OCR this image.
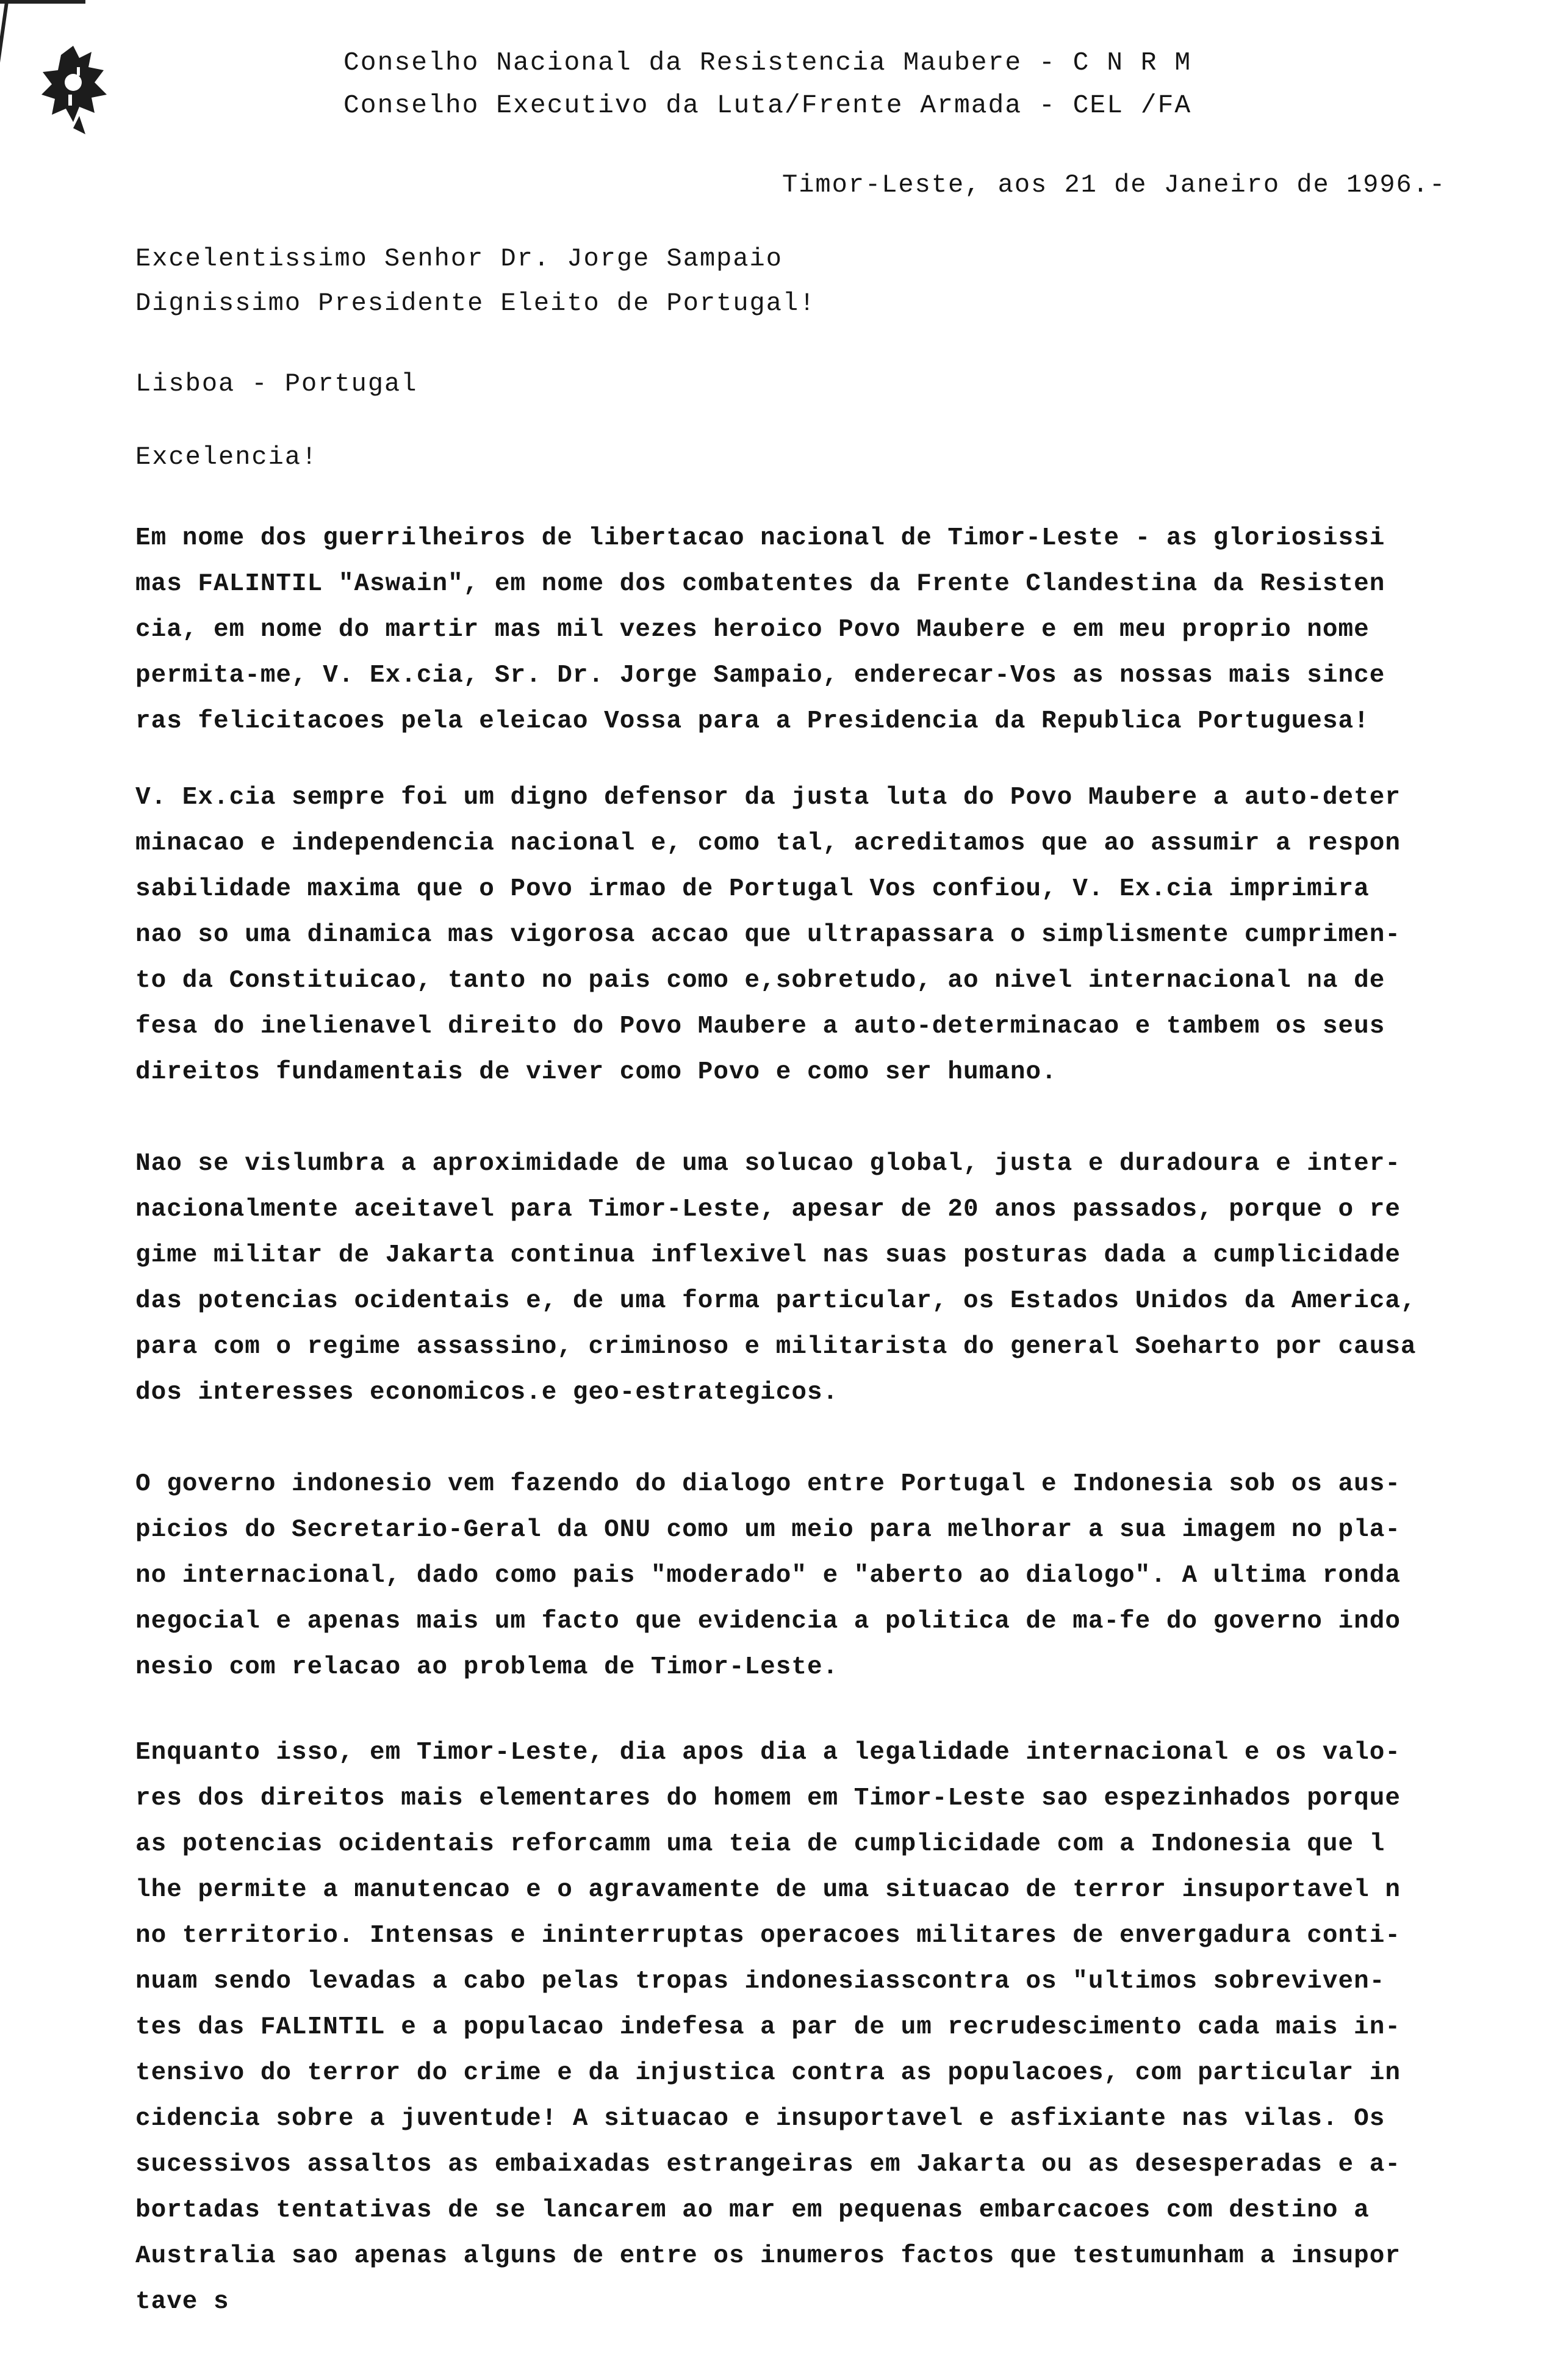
Conselho Nacional da Resistencia Maubere - C N R M
Conselho Executivo da Luta/Frente Armada - CEL /FA
Timor-Leste, aos 21 de Janeiro de 1996.-
Excelentissimo Senhor Dr. Jorge Sampaio
Dignissimo Presidente Eleito de Portugal!
Lisboa - Portugal
Excelencia!
Em nome dos guerrilheiros de libertacao nacional de Timor-Leste - as gloriosissi
mas FALINTIL "Aswain", em nome dos combatentes da Frente Clandestina da Resisten
cia, em nome do martir mas mil vezes heroico Povo Maubere e em meu proprio nome
permita-me, V. Ex.cia, Sr. Dr. Jorge Sampaio, enderecar-Vos as nossas mais since
ras felicitacoes pela eleicao Vossa para a Presidencia da Republica Portuguesa!
V. Ex.cia sempre foi um digno defensor da justa luta do Povo Maubere a auto-deter
minacao e independencia nacional e, como tal, acreditamos que ao assumir a respon
sabilidade maxima que o Povo irmao de Portugal Vos confiou, V. Ex.cia imprimira
nao so uma dinamica mas vigorosa accao que ultrapassara o simplismente cumprimen-
to da Constituicao, tanto no pais como e,sobretudo, ao nivel internacional na de
fesa do inelienavel direito do Povo Maubere a auto-determinacao e tambem os seus
direitos fundamentais de viver como Povo e como ser humano.
Nao se vislumbra a aproximidade de uma solucao global, justa e duradoura e inter-
nacionalmente aceitavel para Timor-Leste, apesar de 20 anos passados, porque o re
gime militar de Jakarta continua inflexivel nas suas posturas dada a cumplicidade
das potencias ocidentais e, de uma forma particular, os Estados Unidos da America,
para com o regime assassino, criminoso e militarista do general Soeharto por causa
dos interesses economicos.e geo-estrategicos.
O governo indonesio vem fazendo do dialogo entre Portugal e Indonesia sob os aus-
picios do Secretario-Geral da ONU como um meio para melhorar a sua imagem no pla-
no internacional, dado como pais "moderado" e "aberto ao dialogo". A ultima ronda
negocial e apenas mais um facto que evidencia a politica de ma-fe do governo indo
nesio com relacao ao problema de Timor-Leste.
Enquanto isso, em Timor-Leste, dia apos dia a legalidade internacional e os valo-
res dos direitos mais elementares do homem em Timor-Leste sao espezinhados porque
as potencias ocidentais reforcamm uma teia de cumplicidade com a Indonesia que l
lhe permite a manutencao e o agravamente de uma situacao de terror insuportavel n
no territorio. Intensas e ininterruptas operacoes militares de envergadura conti-
nuam sendo levadas a cabo pelas tropas indonesiasscontra os "ultimos sobreviven-
tes das FALINTIL e a populacao indefesa a par de um recrudescimento cada mais in-
tensivo do terror do crime e da injustica contra as populacoes, com particular in
cidencia sobre a juventude! A situacao e insuportavel e asfixiante nas vilas. Os
sucessivos assaltos as embaixadas estrangeiras em Jakarta ou as desesperadas e a-
bortadas tentativas de se lancarem ao mar em pequenas embarcacoes com destino a
Australia sao apenas alguns de entre os inumeros factos que testumunham a insupor
tave s
